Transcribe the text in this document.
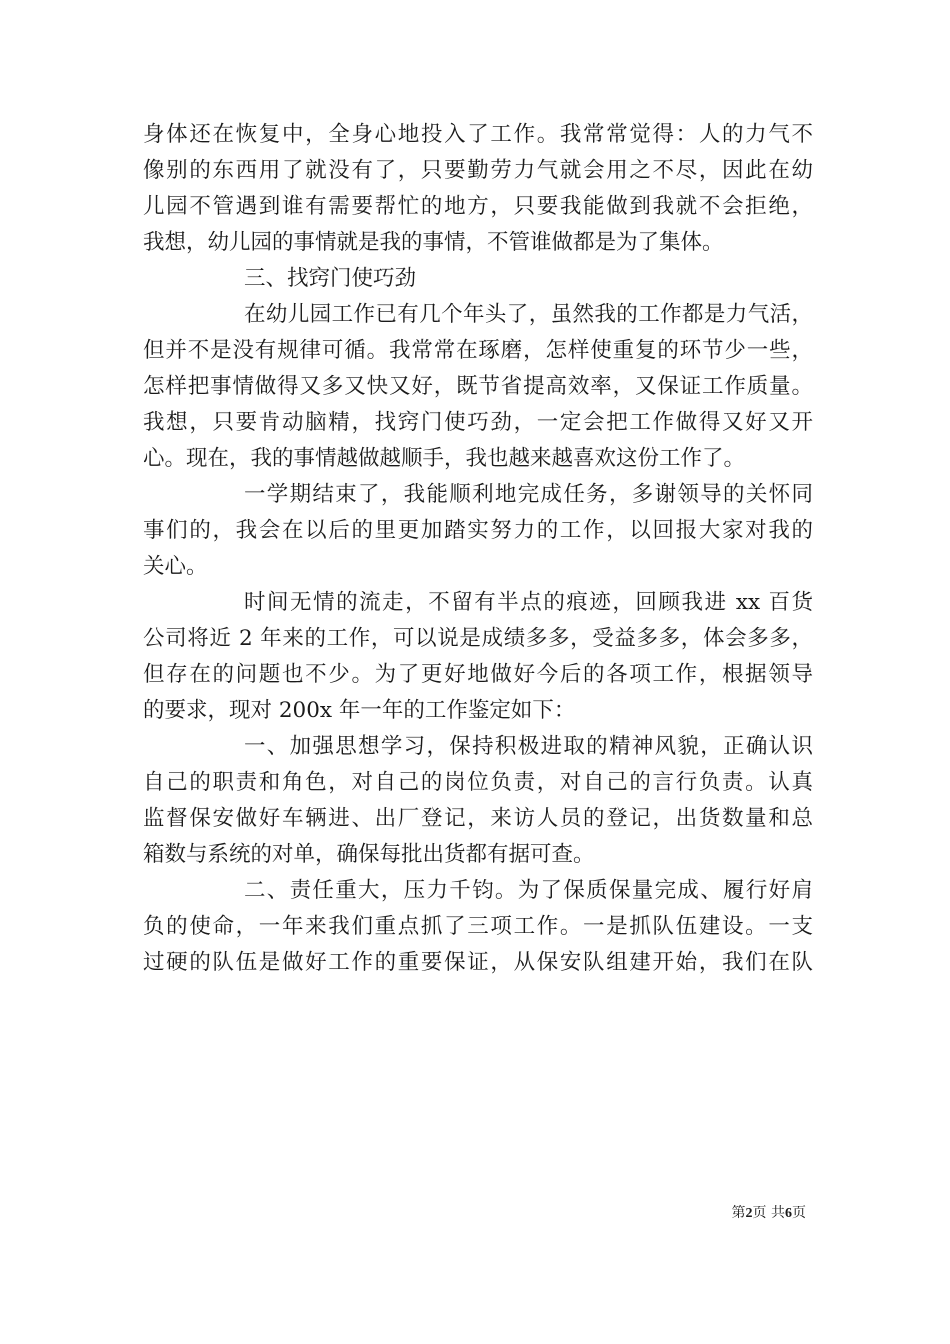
身体还在恢复中，全身心地投入了工作。我常常觉得：人的力气不
像别的东西用了就没有了，只要勤劳力气就会用之不尽，因此在幼
儿园不管遇到谁有需要帮忙的地方，只要我能做到我就不会拒绝，
我想，幼儿园的事情就是我的事情，不管谁做都是为了集体。
三、找窍门使巧劲
在幼儿园工作已有几个年头了，虽然我的工作都是力气活，
但并不是没有规律可循。我常常在琢磨，怎样使重复的环节少一些，
怎样把事情做得又多又快又好，既节省提高效率，又保证工作质量。
我想，只要肯动脑精，找窍门使巧劲，一定会把工作做得又好又开
心。现在，我的事情越做越顺手，我也越来越喜欢这份工作了。
一学期结束了，我能顺利地完成任务，多谢领导的关怀同
事们的，我会在以后的里更加踏实努力的工作，以回报大家对我的
关心。
时间无情的流走，不留有半点的痕迹，回顾我进 xx 百货
公司将近 2 年来的工作，可以说是成绩多多，受益多多，体会多多，
但存在的问题也不少。为了更好地做好今后的各项工作，根据领导
的要求，现对 200x 年一年的工作鉴定如下：
一、加强思想学习，保持积极进取的精神风貌，正确认识
自己的职责和角色，对自己的岗位负责，对自己的言行负责。认真
监督保安做好车辆进、出厂登记，来访人员的登记，出货数量和总
箱数与系统的对单，确保每批出货都有据可查。
二、责任重大，压力千钧。为了保质保量完成、履行好肩
负的使命，一年来我们重点抓了三项工作。一是抓队伍建设。一支
过硬的队伍是做好工作的重要保证，从保安队组建开始，我们在队
第2页 共6页
